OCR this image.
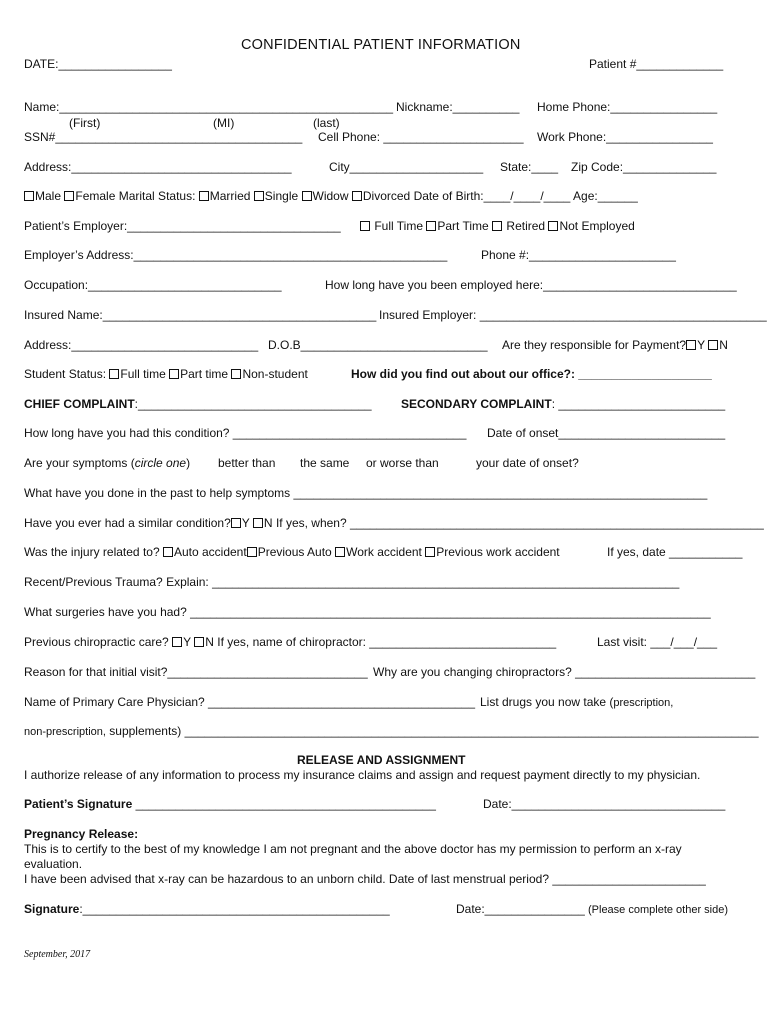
CONFIDENTIAL PATIENT INFORMATION
DATE:_________________	Patient #_____________
Name:__________________________________________________ Nickname:__________ Home Phone:________________
(First)	(MI)	(last)
SSN#_____________________________________ Cell Phone: _____________________ Work Phone:________________
Address:_________________________________	City____________________ State:____ Zip Code:______________
Male Female Marital Status: Married Single Widow Divorced Date of Birth:____/____/____ Age:______
Patient’s Employer:________________________________	Full Time Part Time Retired Not Employed
Employer’s Address:_______________________________________________	Phone #:______________________
Occupation:_____________________________	How long have you been employed here:_____________________________
Insured Name:_________________________________________ Insured Employer: ___________________________________________
Address:____________________________ D.O.B____________________________ Are they responsible for Payment? Y N
Student Status: Full time Part time Non-student	How did you find out about our office?: ____________________
CHIEF COMPLAINT:___________________________________ SECONDARY COMPLAINT: _________________________
How long have you had this condition? ___________________________________ Date of onset_________________________
Are your symptoms (circle one) better than the same or worse than	your date of onset?
What have you done in the past to help symptoms ______________________________________________________________
Have you ever had a similar condition? Y N If yes, when? ______________________________________________________________
Was the injury related to? Auto accident Previous Auto Work accident Previous work accident	If yes, date ___________
Recent/Previous Trauma? Explain: ______________________________________________________________________
What surgeries have you had? ______________________________________________________________________________
Previous chiropractic care? Y N If yes, name of chiropractor: ____________________________	Last visit: ___/___/___
Reason for that initial visit?______________________________ Why are you changing chiropractors? ___________________________
Name of Primary Care Physician? ________________________________________ List drugs you now take (prescription,
non-prescription, supplements) ______________________________________________________________________________________
RELEASE AND ASSIGNMENT
I authorize release of any information to process my insurance claims and assign and request payment directly to my physician.
Patient’s Signature _____________________________________________	Date:________________________________
Pregnancy Release:
This is to certify to the best of my knowledge I am not pregnant and the above doctor has my permission to perform an x-ray
evaluation.
I have been advised that x-ray can be hazardous to an unborn child. Date of last menstrual period? _______________________
Signature:______________________________________________	Date:_______________ (Please complete other side)
September, 2017
